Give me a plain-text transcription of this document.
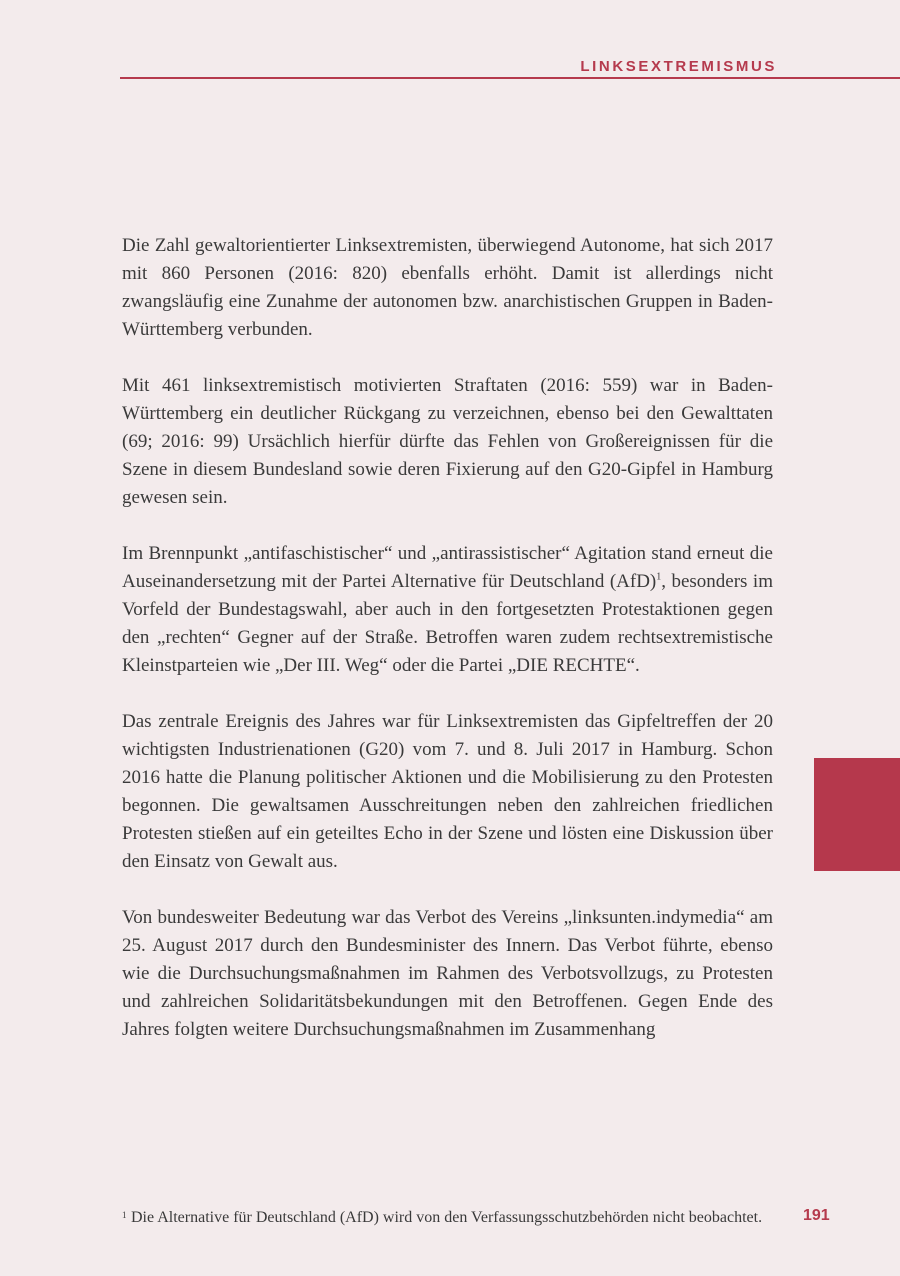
LINKSEXTREMISMUS

Die Zahl gewaltorientierter Linksextremisten, überwiegend Autonome, hat sich 2017 mit 860 Personen (2016: 820) ebenfalls erhöht. Damit ist allerdings nicht zwangsläufig eine Zunahme der autonomen bzw. anarchistischen Gruppen in Baden-Württemberg verbunden.

Mit 461 linksextremistisch motivierten Straftaten (2016: 559) war in Baden-Württemberg ein deutlicher Rückgang zu verzeichnen, ebenso bei den Gewalttaten (69; 2016: 99) Ursächlich hierfür dürfte das Fehlen von Großereignissen für die Szene in diesem Bundesland sowie deren Fixierung auf den G20-Gipfel in Hamburg gewesen sein.

Im Brennpunkt „antifaschistischer“ und „antirassistischer“ Agitation stand erneut die Auseinandersetzung mit der Partei Alternative für Deutschland (AfD)$^1$, besonders im Vorfeld der Bundestagswahl, aber auch in den fortgesetzten Protestaktionen gegen den „rechten“ Gegner auf der Straße. Betroffen waren zudem rechtsextremistische Kleinstparteien wie „Der III. Weg“ oder die Partei „DIE RECHTE“.

Das zentrale Ereignis des Jahres war für Linksextremisten das Gipfeltreffen der 20 wichtigsten Industrienationen (G20) vom 7. und 8. Juli 2017 in Hamburg. Schon 2016 hatte die Planung politischer Aktionen und die Mobilisierung zu den Protesten begonnen. Die gewaltsamen Ausschreitungen neben den zahlreichen friedlichen Protesten stießen auf ein geteiltes Echo in der Szene und lösten eine Diskussion über den Einsatz von Gewalt aus.

Von bundesweiter Bedeutung war das Verbot des Vereins „linksunten.indymedia“ am 25. August 2017 durch den Bundesminister des Innern. Das Verbot führte, ebenso wie die Durchsuchungsmaßnahmen im Rahmen des Verbotsvollzugs, zu Protesten und zahlreichen Solidaritätsbekundungen mit den Betroffenen. Gegen Ende des Jahres folgten weitere Durchsuchungsmaßnahmen im Zusammenhang

1 Die Alternative für Deutschland (AfD) wird von den Verfassungsschutzbehörden nicht beobachtet.	191
